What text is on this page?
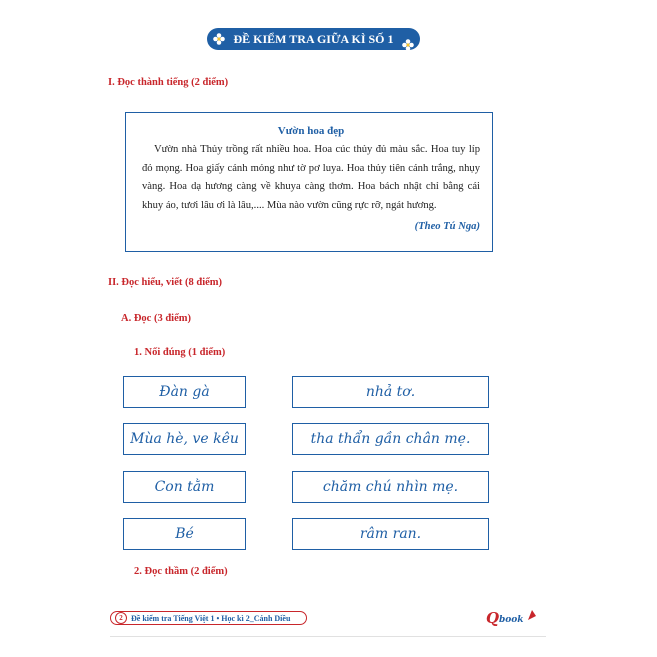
ĐỀ KIỂM TRA GIỮA KÌ SỐ 1
I. Đọc thành tiếng (2 điểm)
Vườn hoa đẹp
Vườn nhà Thủy trồng rất nhiều hoa. Hoa cúc thủy đủ màu sắc. Hoa tuy líp đỏ mọng. Hoa giấy cánh mỏng như tờ pơ luya. Hoa thủy tiên cánh trắng, nhụy vàng. Hoa dạ hương càng về khuya càng thơm. Hoa bách nhật chỉ bằng cái khuy áo, tươi lâu ơi là lâu,.... Mùa nào vườn cũng rực rỡ, ngát hương.
(Theo Tú Nga)
II. Đọc hiểu, viết (8 điểm)
A. Đọc (3 điểm)
1. Nối đúng (1 điểm)
Đàn gà
Mùa hè, ve kêu
Con tằm
Bé
nhả tơ.
tha thẩn gần chân mẹ.
chăm chú nhìn mẹ.
râm ran.
2. Đọc thầm (2 điểm)
2	Đề kiểm tra Tiếng Việt 1 • Học kì 2_Cánh Diều	Q book
